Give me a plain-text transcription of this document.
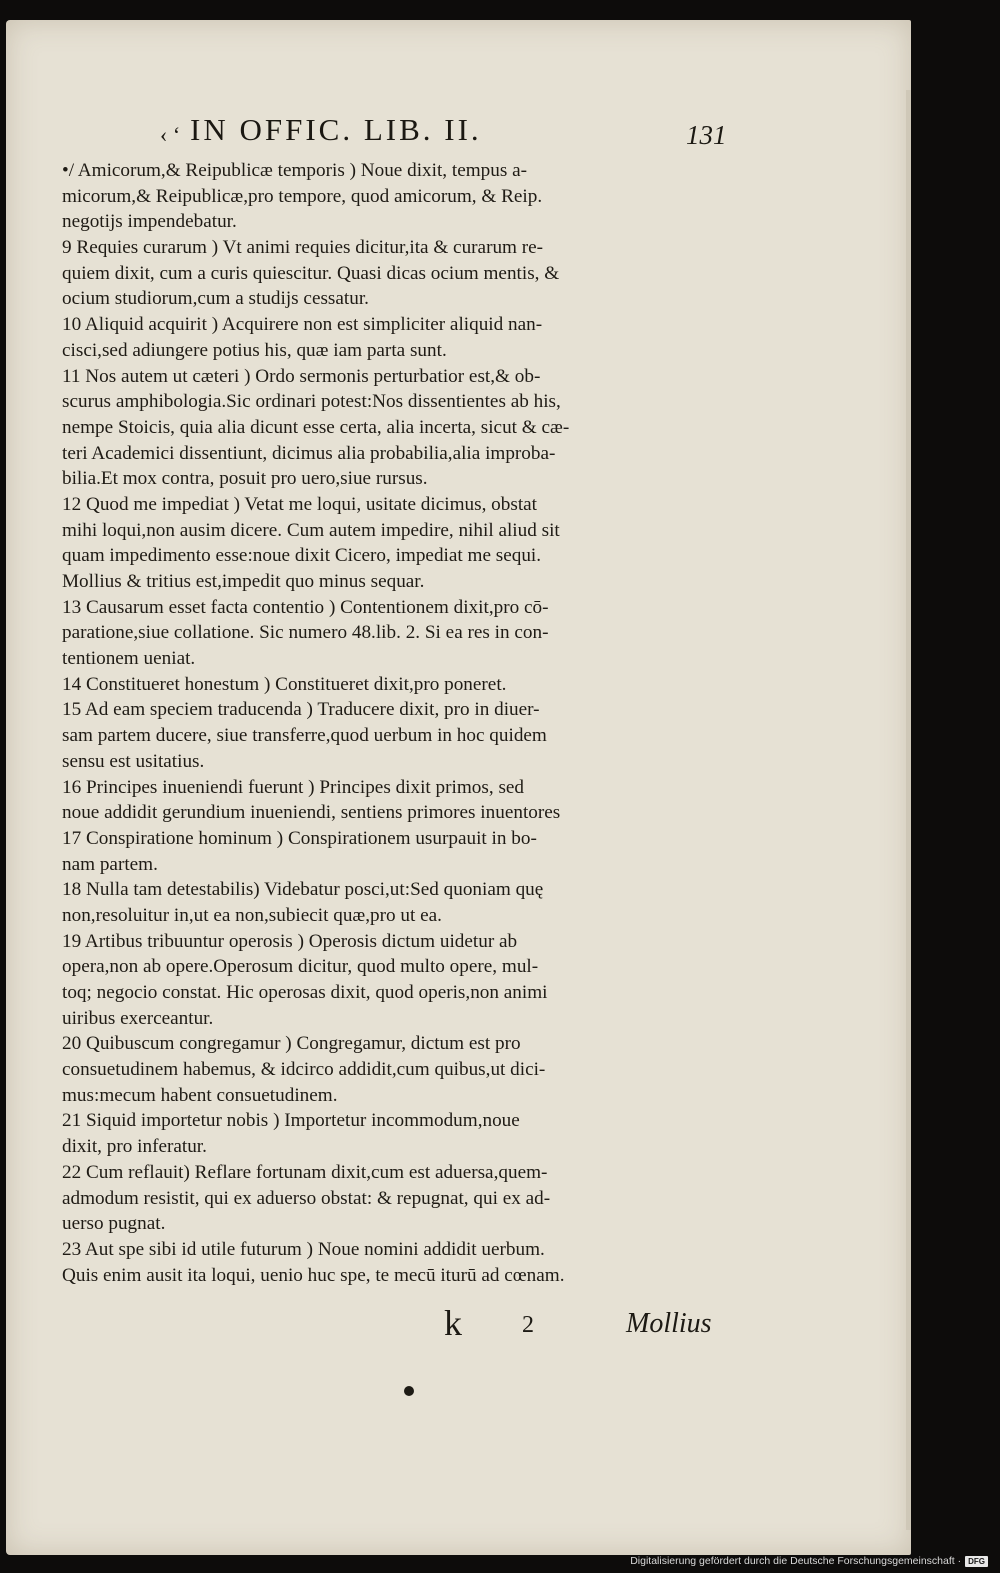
‹ ‘ IN OFFIC. LIB. II.	131
•/ Amicorum,& Reipublicæ temporis ) Noue dixit, tempus a-
micorum,& Reipublicæ,pro tempore, quod amicorum, & Reip.
negotijs impendebatur.
9 Requies curarum ) Vt animi requies dicitur,ita & curarum re-
quiem dixit, cum a curis quiescitur. Quasi dicas ocium mentis, &
ocium studiorum,cum a studijs cessatur.
10 Aliquid acquirit ) Acquirere non est simpliciter aliquid nan-
cisci,sed adiungere potius his, quæ iam parta sunt.
11 Nos autem ut cæteri ) Ordo sermonis perturbatior est,& ob-
scurus amphibologia.Sic ordinari potest:Nos dissentientes ab his,
nempe Stoicis, quia alia dicunt esse certa, alia incerta, sicut & cæ-
teri Academici dissentiunt, dicimus alia probabilia,alia improba-
bilia.Et mox contra, posuit pro uero,siue rursus.
12 Quod me impediat ) Vetat me loqui, usitate dicimus, obstat
mihi loqui,non ausim dicere. Cum autem impedire, nihil aliud sit
quam impedimento esse:noue dixit Cicero, impediat me sequi.
Mollius & tritius est,impedit quo minus sequar.
13 Causarum esset facta contentio ) Contentionem dixit,pro cō-
paratione,siue collatione. Sic numero 48.lib. 2. Si ea res in con-
tentionem ueniat.
14 Constitueret honestum ) Constitueret dixit,pro poneret.
15 Ad eam speciem traducenda ) Traducere dixit, pro in diuer-
sam partem ducere, siue transferre,quod uerbum in hoc quidem
sensu est usitatius.
16 Principes inueniendi fuerunt ) Principes dixit primos, sed
noue addidit gerundium inueniendi, sentiens primores inuentores
17 Conspiratione hominum ) Conspirationem usurpauit in bo-
nam partem.
18 Nulla tam detestabilis) Videbatur posci,ut:Sed quoniam quę
non,resoluitur in,ut ea non,subiecit quæ,pro ut ea.
19 Artibus tribuuntur operosis ) Operosis dictum uidetur ab
opera,non ab opere.Operosum dicitur, quod multo opere, mul-
toq; negocio constat. Hic operosas dixit, quod operis,non animi
uiribus exerceantur.
20 Quibuscum congregamur ) Congregamur, dictum est pro
consuetudinem habemus, & idcirco addidit,cum quibus,ut dici-
mus:mecum habent consuetudinem.
21 Siquid importetur nobis ) Importetur incommodum,noue
dixit, pro inferatur.
22 Cum reflauit) Reflare fortunam dixit,cum est aduersa,quem-
admodum resistit, qui ex aduerso obstat: & repugnat, qui ex ad-
uerso pugnat.
23 Aut spe sibi id utile futurum ) Noue nomini addidit uerbum.
Quis enim ausit ita loqui, uenio huc spe, te mecū iturū ad cœnam.
k	2	Mollius
Digitalisierung gefördert durch die Deutsche Forschungsgemeinschaft · DFG
